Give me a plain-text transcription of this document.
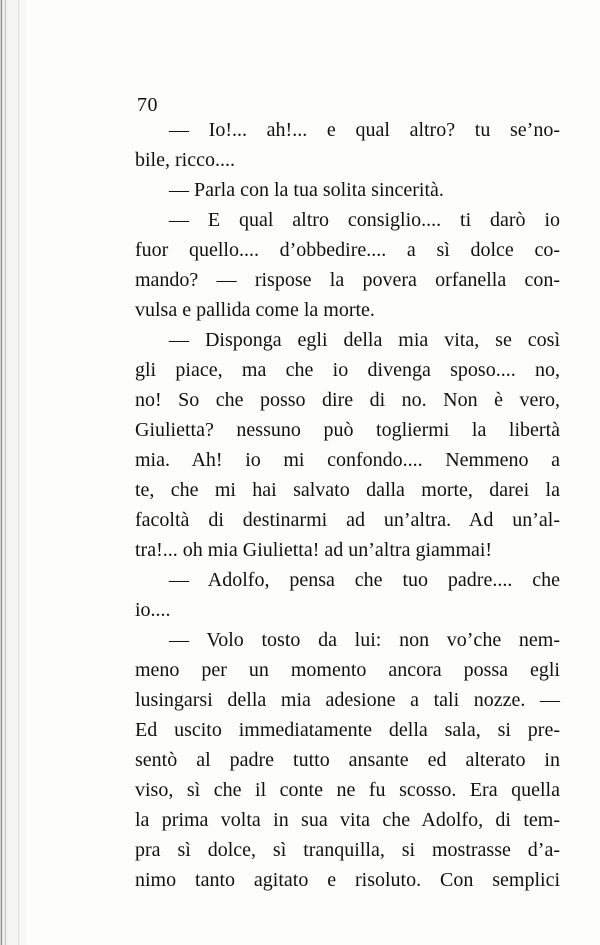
70
— Io!... ah!... e qual altro? tu se’no-
bile, ricco....
— Parla con la tua solita sincerità.
— E qual altro consiglio.... ti darò io
fuor quello.... d’obbedire.... a sì dolce co-
mando? — rispose la povera orfanella con-
vulsa e pallida come la morte.
— Disponga egli della mia vita, se così
gli piace, ma che io divenga sposo.... no,
no! So che posso dire di no. Non è vero,
Giulietta? nessuno può togliermi la libertà
mia. Ah! io mi confondo.... Nemmeno a
te, che mi hai salvato dalla morte, darei la
facoltà di destinarmi ad un’altra. Ad un’al-
tra!... oh mia Giulietta! ad un’altra giammai!
— Adolfo, pensa che tuo padre.... che
io....
— Volo tosto da lui: non vo’che nem-
meno per un momento ancora possa egli
lusingarsi della mia adesione a tali nozze. —
Ed uscito immediatamente della sala, si pre-
sentò al padre tutto ansante ed alterato in
viso, sì che il conte ne fu scosso. Era quella
la prima volta in sua vita che Adolfo, di tem-
pra sì dolce, sì tranquilla, si mostrasse d’a-
nimo tanto agitato e risoluto. Con semplici
